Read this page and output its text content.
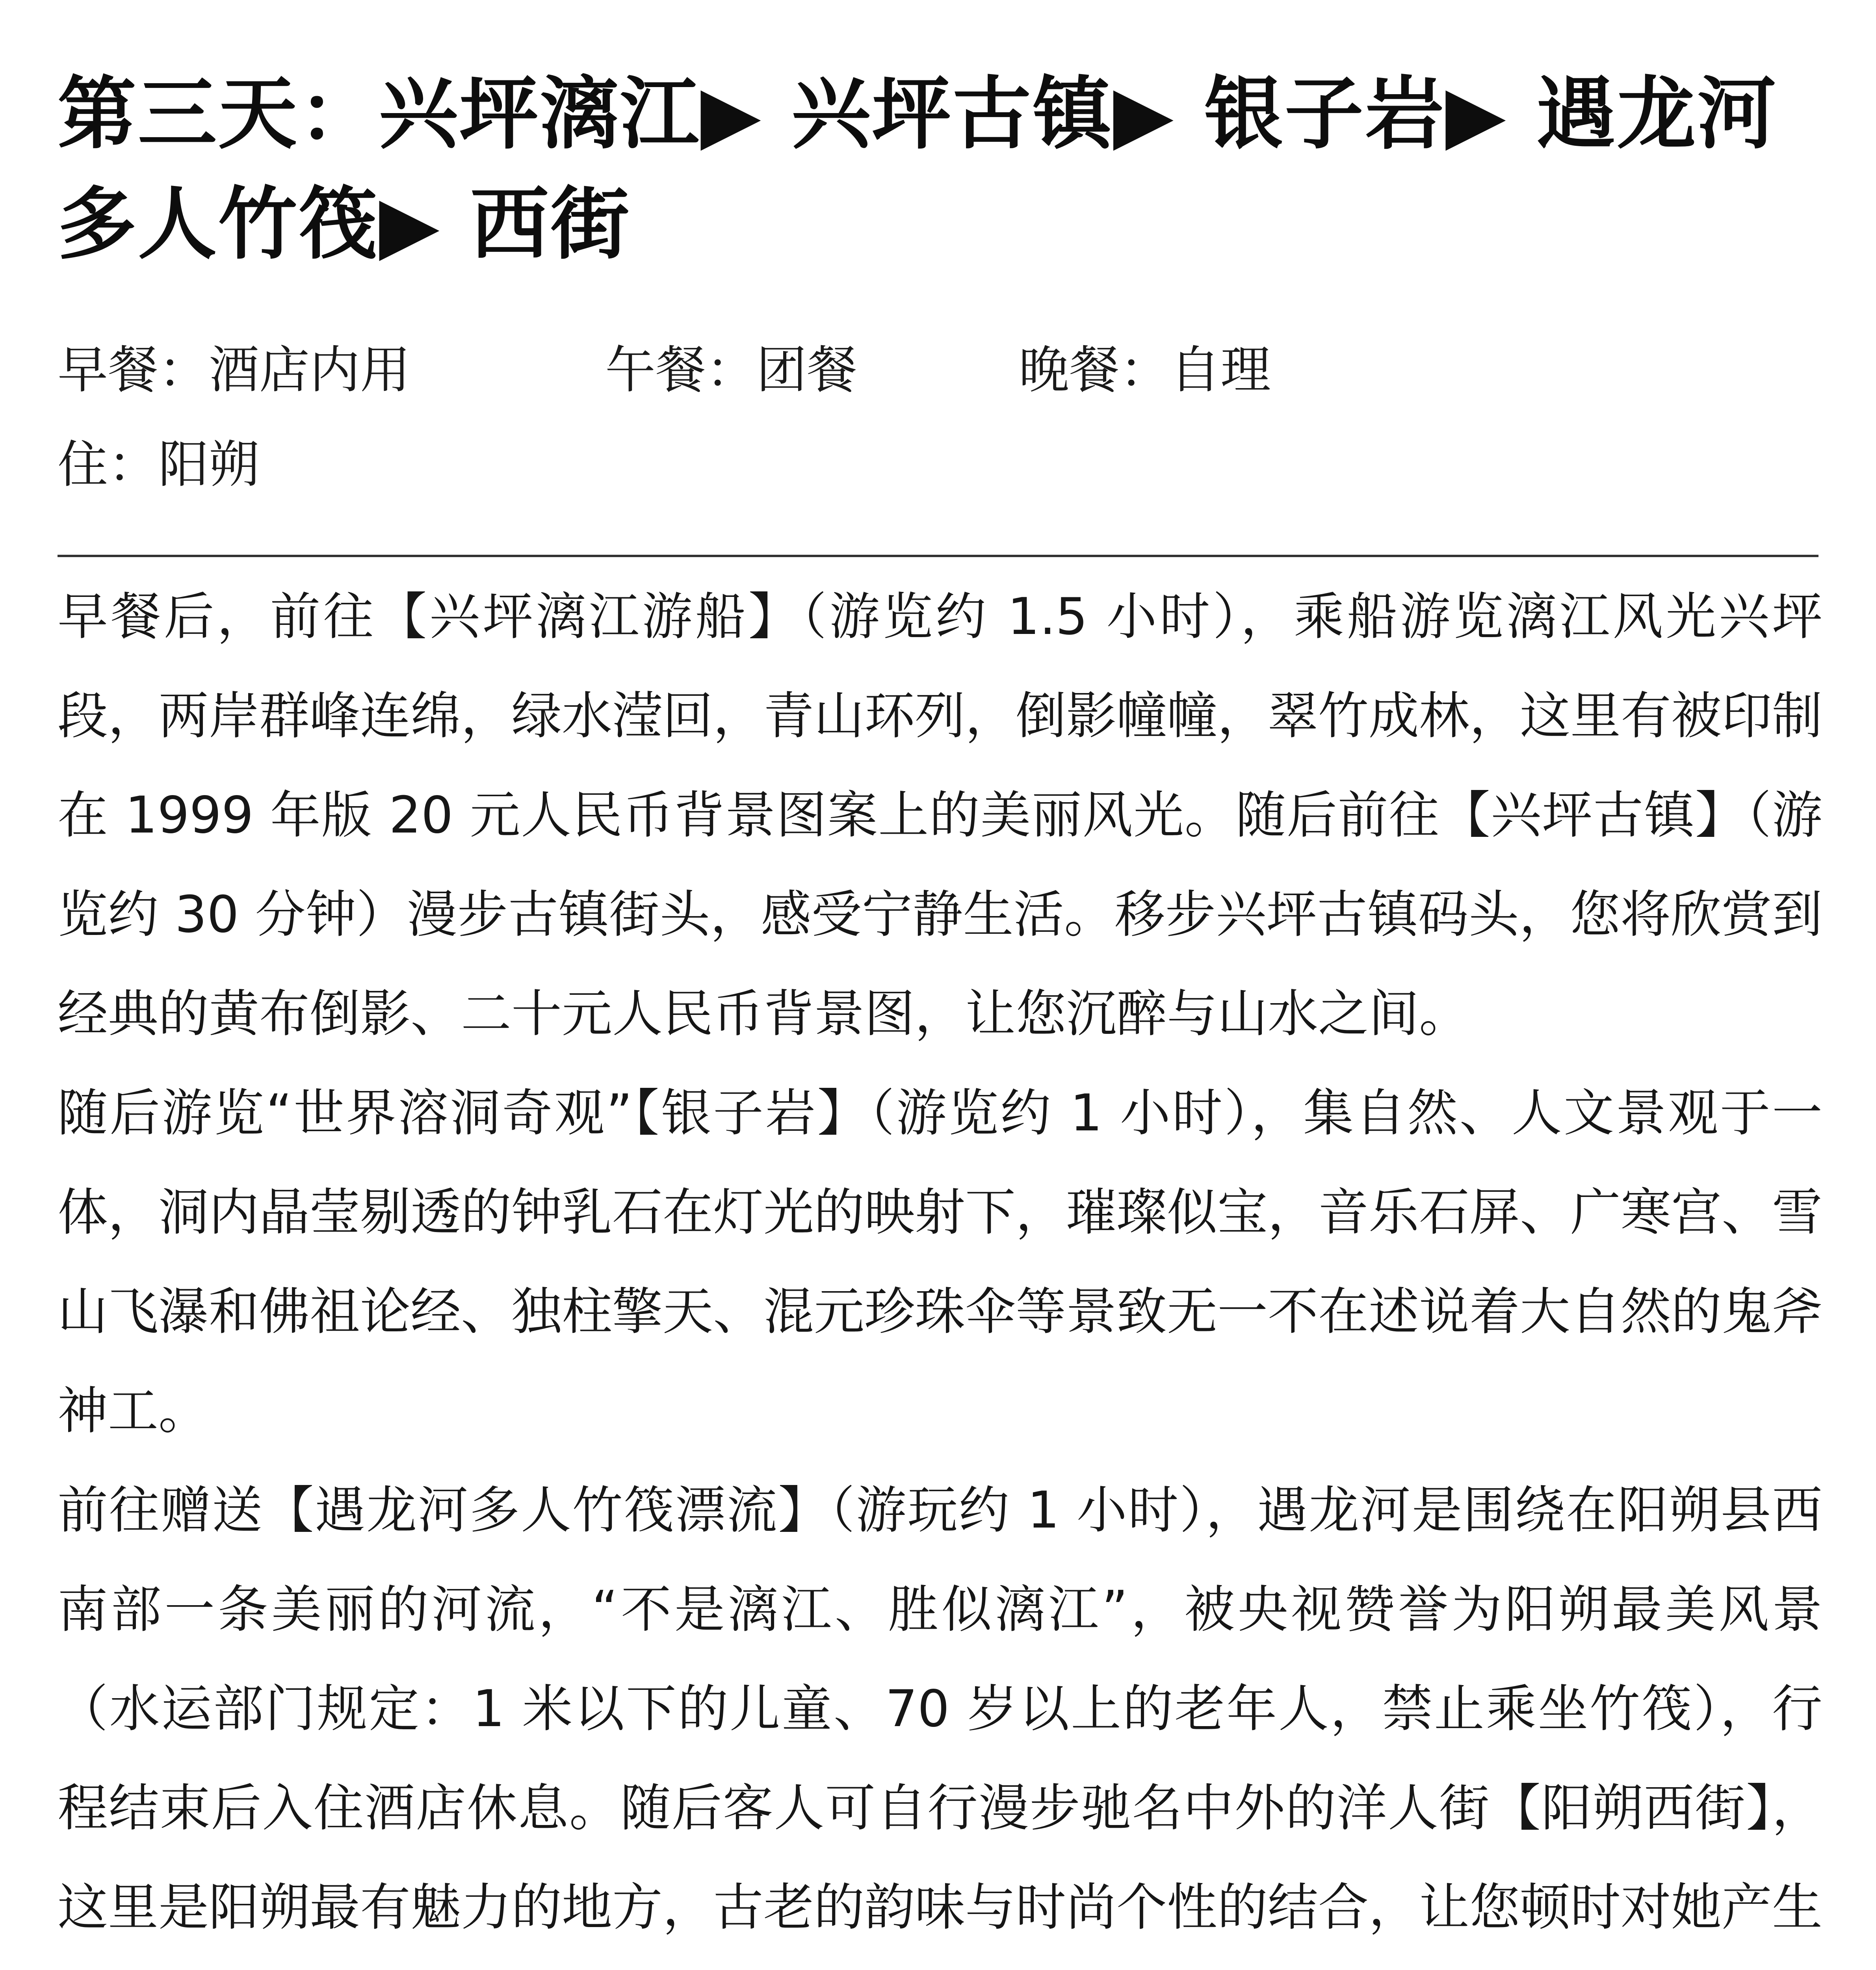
第三天：兴坪漓江▶ 兴坪古镇▶ 银子岩▶ 遇龙河多人竹筏▶ 西街
早餐：酒店内用	午餐：团餐	晚餐：自理
住：阳朔

早餐后，前往【兴坪漓江游船】（游览约 1.5 小时），乘船游览漓江风光兴坪段，两岸群峰连绵，绿水滢回，青山环列，倒影幢幢，翠竹成林，这里有被印制在 1999 年版 20 元人民币背景图案上的美丽风光。随后前往【兴坪古镇】（游览约 30 分钟）漫步古镇街头，感受宁静生活。移步兴坪古镇码头，您将欣赏到经典的黄布倒影、二十元人民币背景图，让您沉醉与山水之间。

随后游览“世界溶洞奇观”【银子岩】（游览约 1 小时），集自然、人文景观于一体，洞内晶莹剔透的钟乳石在灯光的映射下，璀璨似宝，音乐石屏、广寒宫、雪山飞瀑和佛祖论经、独柱擎天、混元珍珠伞等景致无一不在述说着大自然的鬼斧神工。

前往赠送【遇龙河多人竹筏漂流】（游玩约 1 小时），遇龙河是围绕在阳朔县西南部一条美丽的河流，“不是漓江、胜似漓江”，被央视赞誉为阳朔最美风景（水运部门规定：1 米以下的儿童、70 岁以上的老年人，禁止乘坐竹筏），行程结束后入住酒店休息。随后客人可自行漫步驰名中外的洋人街【阳朔西街】，这里是阳朔最有魅力的地方，古老的韵味与时尚个性的结合，让您顿时对她产生
